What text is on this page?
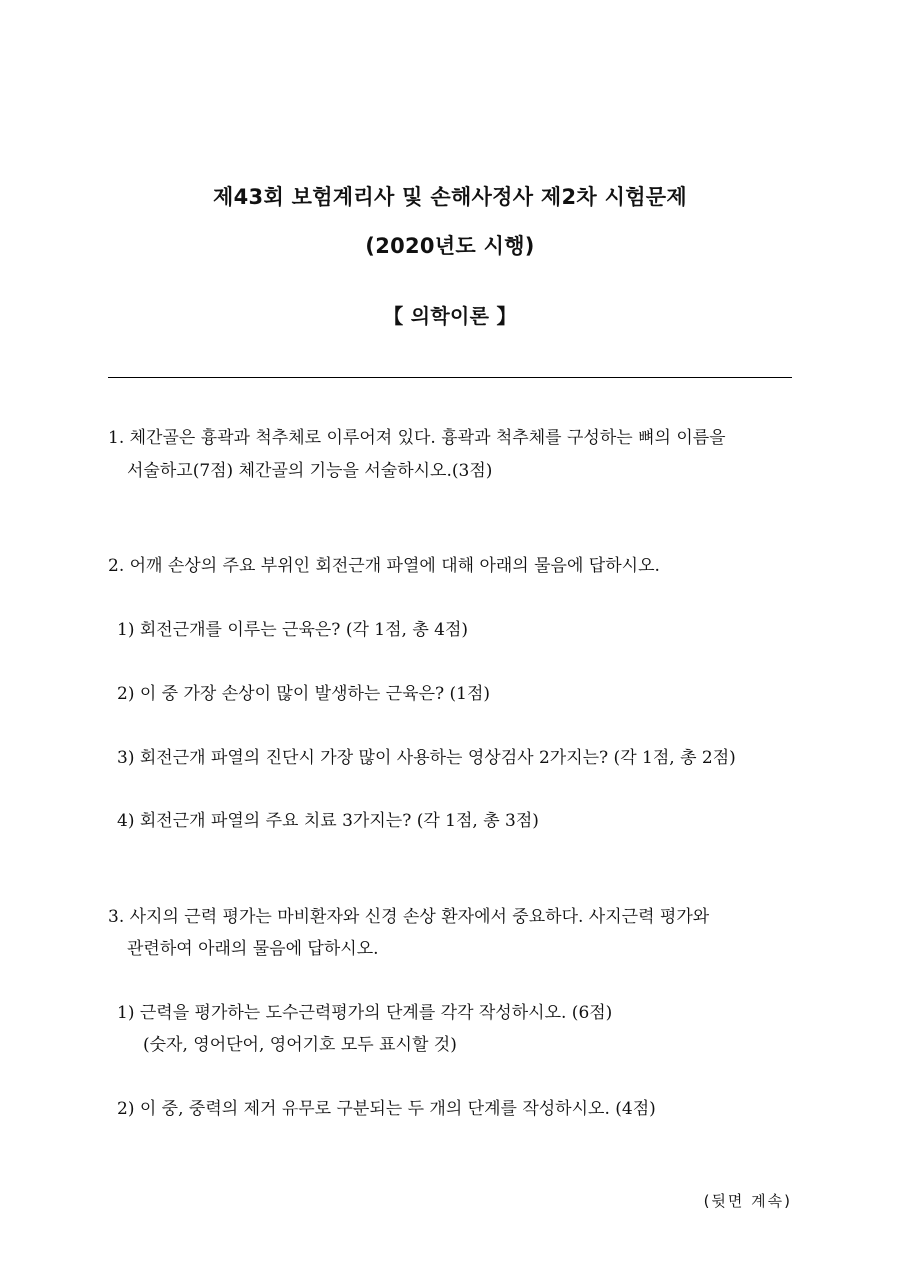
제43회 보험계리사 및 손해사정사 제2차 시험문제
(2020년도 시행)
【 의학이론 】
1. 체간골은 흉곽과 척추체로 이루어져 있다. 흉곽과 척추체를 구성하는 뼈의 이름을
서술하고(7점) 체간골의 기능을 서술하시오.(3점)
2. 어깨 손상의 주요 부위인 회전근개 파열에 대해 아래의 물음에 답하시오.
1) 회전근개를 이루는 근육은? (각 1점, 총 4점)
2) 이 중 가장 손상이 많이 발생하는 근육은? (1점)
3) 회전근개 파열의 진단시 가장 많이 사용하는 영상검사 2가지는? (각 1점, 총 2점)
4) 회전근개 파열의 주요 치료 3가지는? (각 1점, 총 3점)
3. 사지의 근력 평가는 마비환자와 신경 손상 환자에서 중요하다. 사지근력 평가와
관련하여 아래의 물음에 답하시오.
1) 근력을 평가하는 도수근력평가의 단계를 각각 작성하시오. (6점)
(숫자, 영어단어, 영어기호 모두 표시할 것)
2) 이 중, 중력의 제거 유무로 구분되는 두 개의 단계를 작성하시오. (4점)
(뒷면 계속)
